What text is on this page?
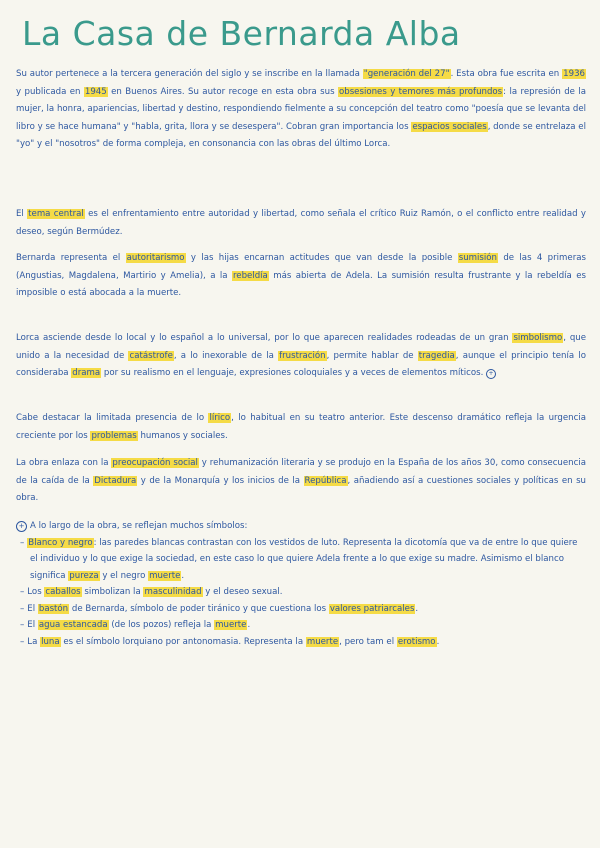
La Casa de Bernarda Alba

Su autor pertenece a la tercera generación del siglo y se inscribe en la llamada "generación del 27". Esta obra fue escrita en 1936 y publicada en 1945 en Buenos Aires. Su autor recoge en esta obra sus obsesiones y temores más profundos: la represión de la mujer, la honra, apariencias, libertad y destino, respondiendo fielmente a su concepción del teatro como "poesía que se levanta del libro y se hace humana" y "habla, grita, llora y se desespera". Cobran gran importancia los espacios sociales, donde se entrelaza el "yo" y el "nosotros" de forma compleja, en consonancia con las obras del último Lorca.

El tema central es el enfrentamiento entre autoridad y libertad, como señala el crítico Ruiz Ramón, o el conflicto entre realidad y deseo, según Bermúdez.

Bernarda representa el autoritarismo y las hijas encarnan actitudes que van desde la posible sumisión de las 4 primeras (Angustias, Magdalena, Martirio y Amelia), a la rebeldía más abierta de Adela. La sumisión resulta frustrante y la rebeldía es imposible o está abocada a la muerte.

Lorca asciende desde lo local y lo español a lo universal, por lo que aparecen realidades rodeadas de un gran simbolismo, que unido a la necesidad de catástrofe, a lo inexorable de la frustración, permite hablar de tragedia, aunque el principio tenía lo consideraba drama por su realismo en el lenguaje, expresiones coloquiales y a veces de elementos míticos. +

Cabe destacar la limitada presencia de lo lírico, lo habitual en su teatro anterior. Este descenso dramático refleja la urgencia creciente por los problemas humanos y sociales.

La obra enlaza con la preocupación social y rehumanización literaria y se produjo en la España de los años 30, como consecuencia de la caída de la Dictadura y de la Monarquía y los inicios de la República, añadiendo así a cuestiones sociales y políticas en su obra.

+ A lo largo de la obra, se reflejan muchos símbolos:
– Blanco y negro: las paredes blancas contrastan con los vestidos de luto. Representa la dicotomía que va de entre lo que quiere el individuo y lo que exige la sociedad, en este caso lo que quiere Adela frente a lo que exige su madre. Asimismo el blanco significa pureza y el negro muerte.
– Los caballos simbolizan la masculinidad y el deseo sexual.
– El bastón de Bernarda, símbolo de poder tiránico y que cuestiona los valores patriarcales.
– El agua estancada (de los pozos) refleja la muerte.
– La luna es el símbolo lorquiano por antonomasia. Representa la muerte, pero tam el erotismo.
